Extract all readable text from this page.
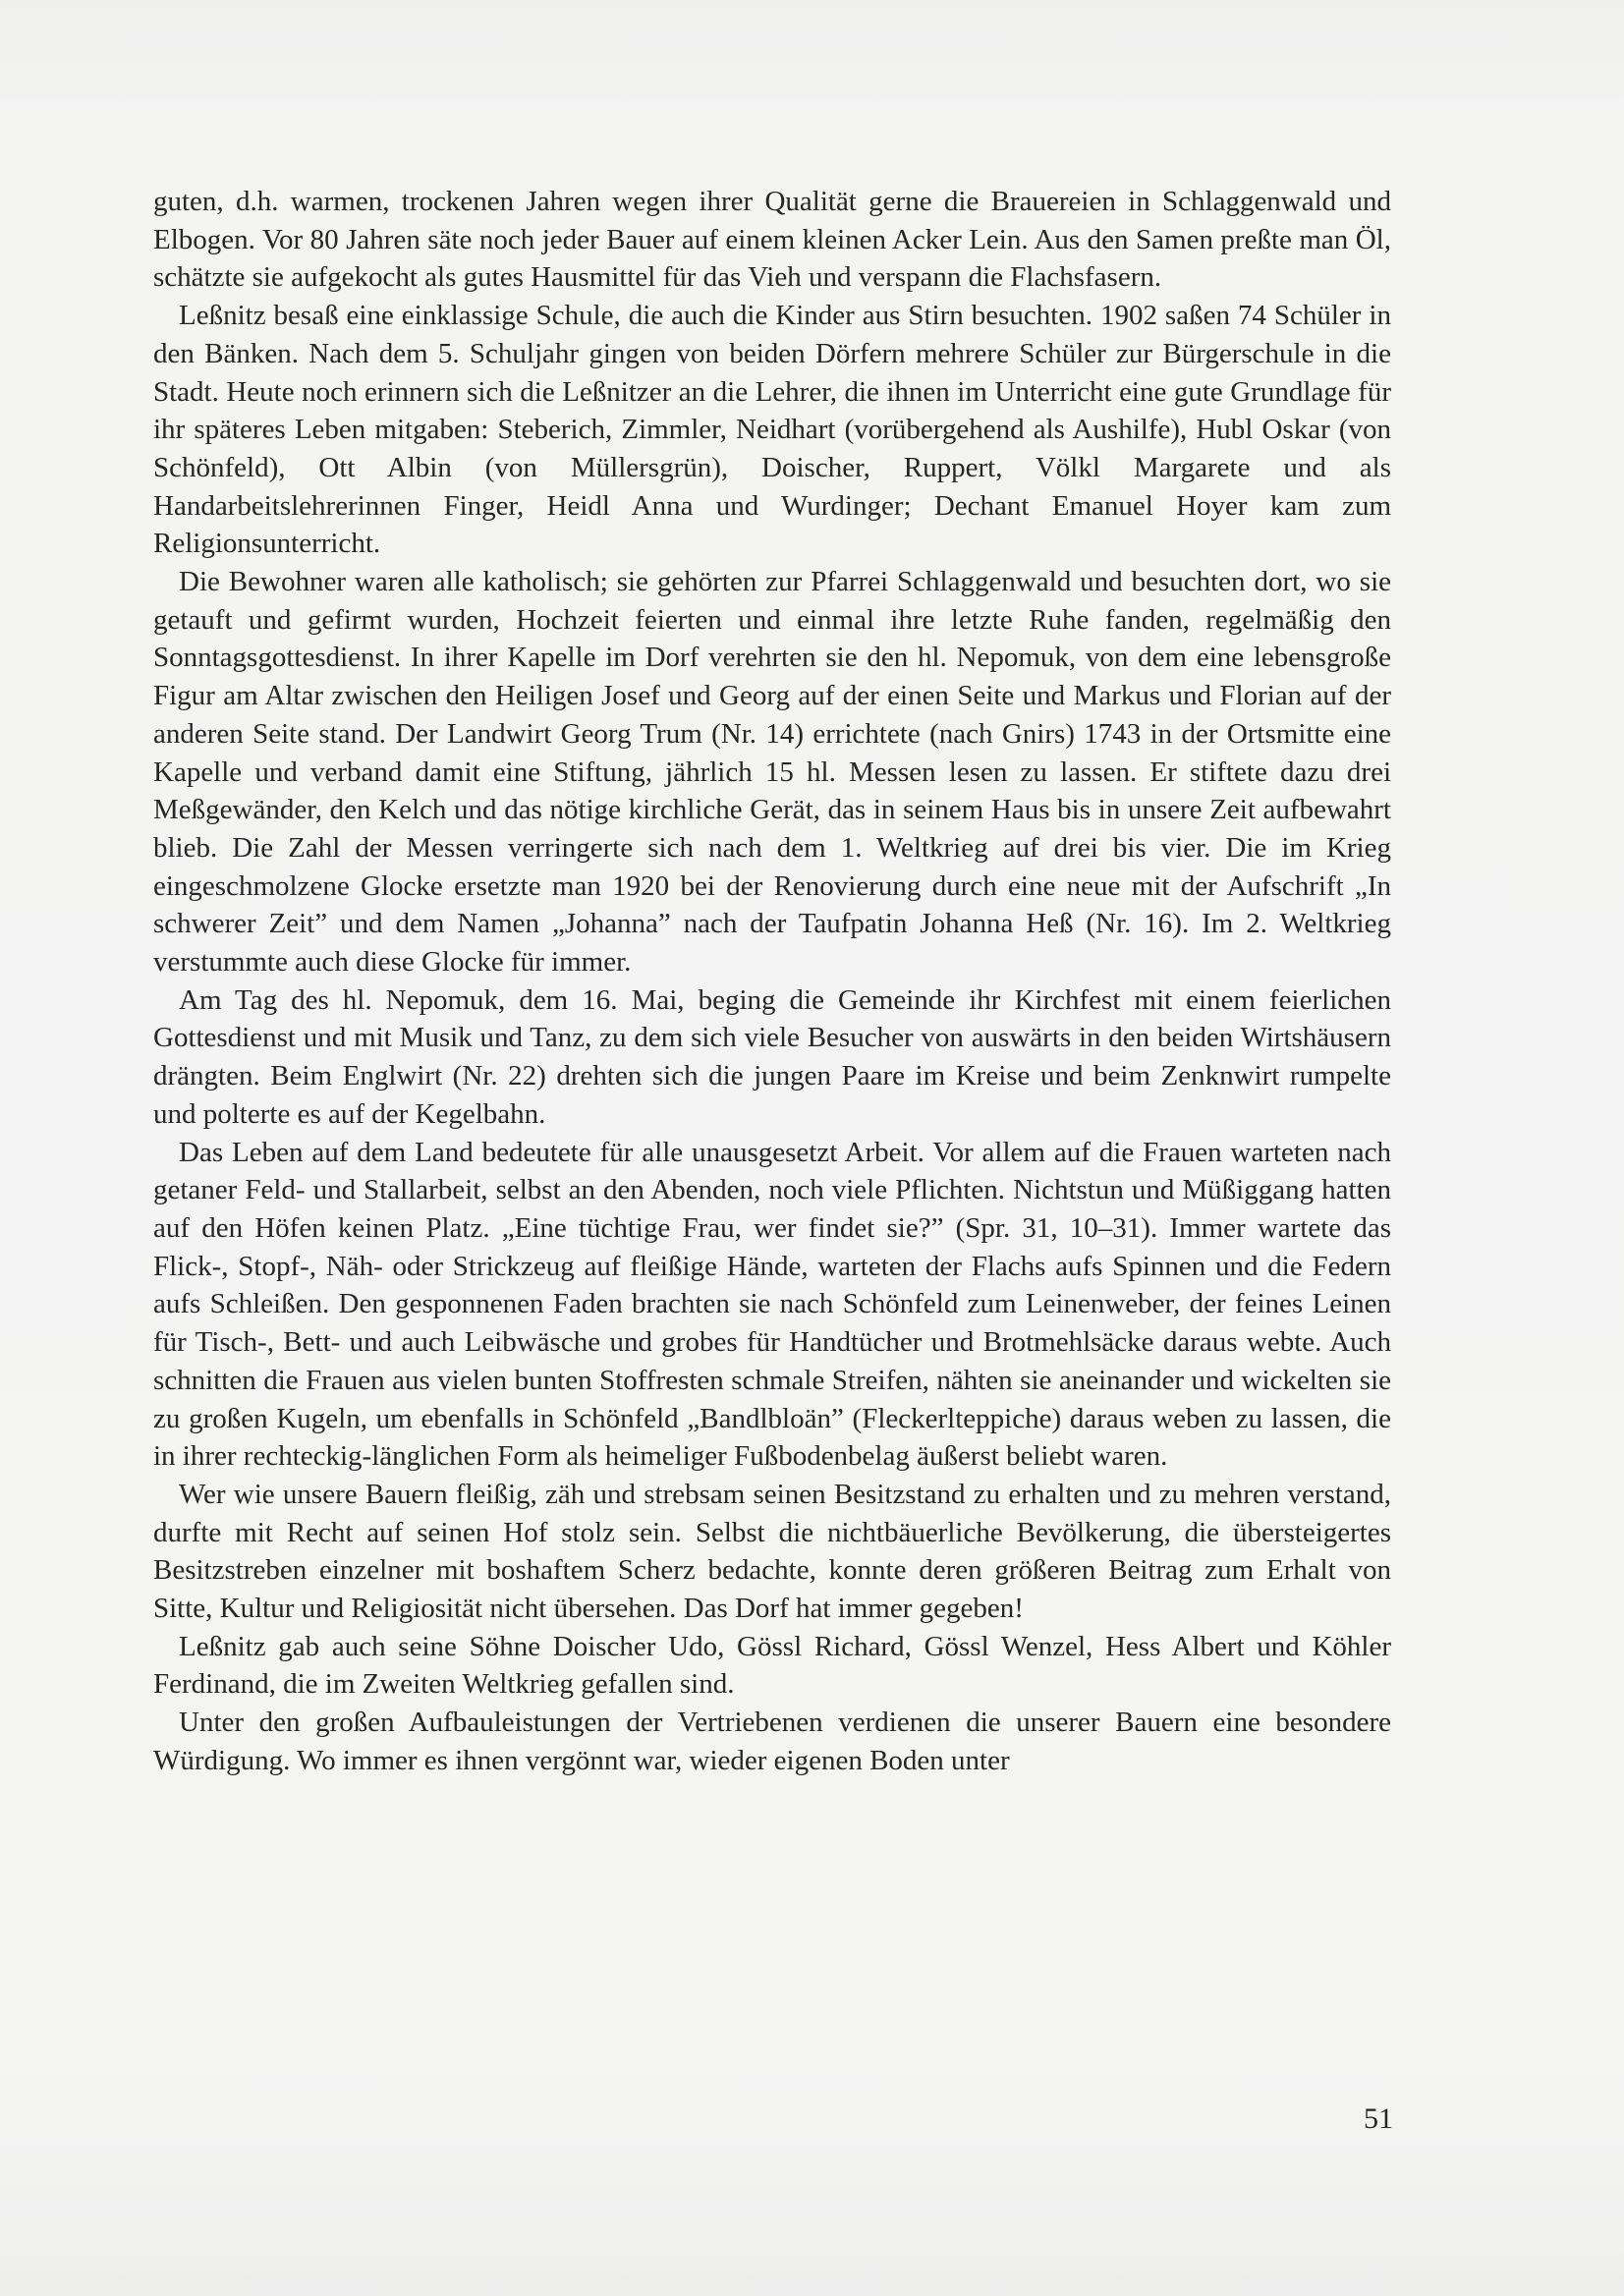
guten, d.h. warmen, trockenen Jahren wegen ihrer Qualität gerne die Brauereien in Schlaggenwald und Elbogen. Vor 80 Jahren säte noch jeder Bauer auf einem kleinen Acker Lein. Aus den Samen preßte man Öl, schätzte sie aufgekocht als gutes Hausmittel für das Vieh und verspann die Flachsfasern.

Leßnitz besaß eine einklassige Schule, die auch die Kinder aus Stirn besuchten. 1902 saßen 74 Schüler in den Bänken. Nach dem 5. Schuljahr gingen von beiden Dörfern mehrere Schüler zur Bürgerschule in die Stadt. Heute noch erinnern sich die Leßnitzer an die Lehrer, die ihnen im Unterricht eine gute Grundlage für ihr späteres Leben mitgaben: Steberich, Zimmler, Neidhart (vorübergehend als Aushilfe), Hubl Oskar (von Schönfeld), Ott Albin (von Müllersgrün), Doischer, Ruppert, Völkl Margarete und als Handarbeitslehrerinnen Finger, Heidl Anna und Wurdinger; Dechant Emanuel Hoyer kam zum Religionsunterricht.

Die Bewohner waren alle katholisch; sie gehörten zur Pfarrei Schlaggenwald und besuchten dort, wo sie getauft und gefirmt wurden, Hochzeit feierten und einmal ihre letzte Ruhe fanden, regelmäßig den Sonntagsgottesdienst. In ihrer Kapelle im Dorf verehrten sie den hl. Nepomuk, von dem eine lebensgroße Figur am Altar zwischen den Heiligen Josef und Georg auf der einen Seite und Markus und Florian auf der anderen Seite stand. Der Landwirt Georg Trum (Nr. 14) errichtete (nach Gnirs) 1743 in der Ortsmitte eine Kapelle und verband damit eine Stiftung, jährlich 15 hl. Messen lesen zu lassen. Er stiftete dazu drei Meßgewänder, den Kelch und das nötige kirchliche Gerät, das in seinem Haus bis in unsere Zeit aufbewahrt blieb. Die Zahl der Messen verringerte sich nach dem 1. Weltkrieg auf drei bis vier. Die im Krieg eingeschmolzene Glocke ersetzte man 1920 bei der Renovierung durch eine neue mit der Aufschrift „In schwerer Zeit” und dem Namen „Johanna” nach der Taufpatin Johanna Heß (Nr. 16). Im 2. Weltkrieg verstummte auch diese Glocke für immer.

Am Tag des hl. Nepomuk, dem 16. Mai, beging die Gemeinde ihr Kirchfest mit einem feierlichen Gottesdienst und mit Musik und Tanz, zu dem sich viele Besucher von auswärts in den beiden Wirtshäusern drängten. Beim Englwirt (Nr. 22) drehten sich die jungen Paare im Kreise und beim Zenknwirt rumpelte und polterte es auf der Kegelbahn.

Das Leben auf dem Land bedeutete für alle unausgesetzt Arbeit. Vor allem auf die Frauen warteten nach getaner Feld- und Stallarbeit, selbst an den Abenden, noch viele Pflichten. Nichtstun und Müßiggang hatten auf den Höfen keinen Platz. „Eine tüchtige Frau, wer findet sie?” (Spr. 31, 10–31). Immer wartete das Flick-, Stopf-, Näh- oder Strickzeug auf fleißige Hände, warteten der Flachs aufs Spinnen und die Federn aufs Schleißen. Den gesponnenen Faden brachten sie nach Schönfeld zum Leinenweber, der feines Leinen für Tisch-, Bett- und auch Leibwäsche und grobes für Handtücher und Brotmehlsäcke daraus webte. Auch schnitten die Frauen aus vielen bunten Stoffresten schmale Streifen, nähten sie aneinander und wickelten sie zu großen Kugeln, um ebenfalls in Schönfeld „Bandlbloän” (Fleckerlteppiche) daraus weben zu lassen, die in ihrer rechteckig-länglichen Form als heimeliger Fußbodenbelag äußerst beliebt waren.

Wer wie unsere Bauern fleißig, zäh und strebsam seinen Besitzstand zu erhalten und zu mehren verstand, durfte mit Recht auf seinen Hof stolz sein. Selbst die nichtbäuerliche Bevölkerung, die übersteigertes Besitzstreben einzelner mit boshaftem Scherz bedachte, konnte deren größeren Beitrag zum Erhalt von Sitte, Kultur und Religiosität nicht übersehen. Das Dorf hat immer gegeben!

Leßnitz gab auch seine Söhne Doischer Udo, Gössl Richard, Gössl Wenzel, Hess Albert und Köhler Ferdinand, die im Zweiten Weltkrieg gefallen sind.

Unter den großen Aufbauleistungen der Vertriebenen verdienen die unserer Bauern eine besondere Würdigung. Wo immer es ihnen vergönnt war, wieder eigenen Boden unter

51
